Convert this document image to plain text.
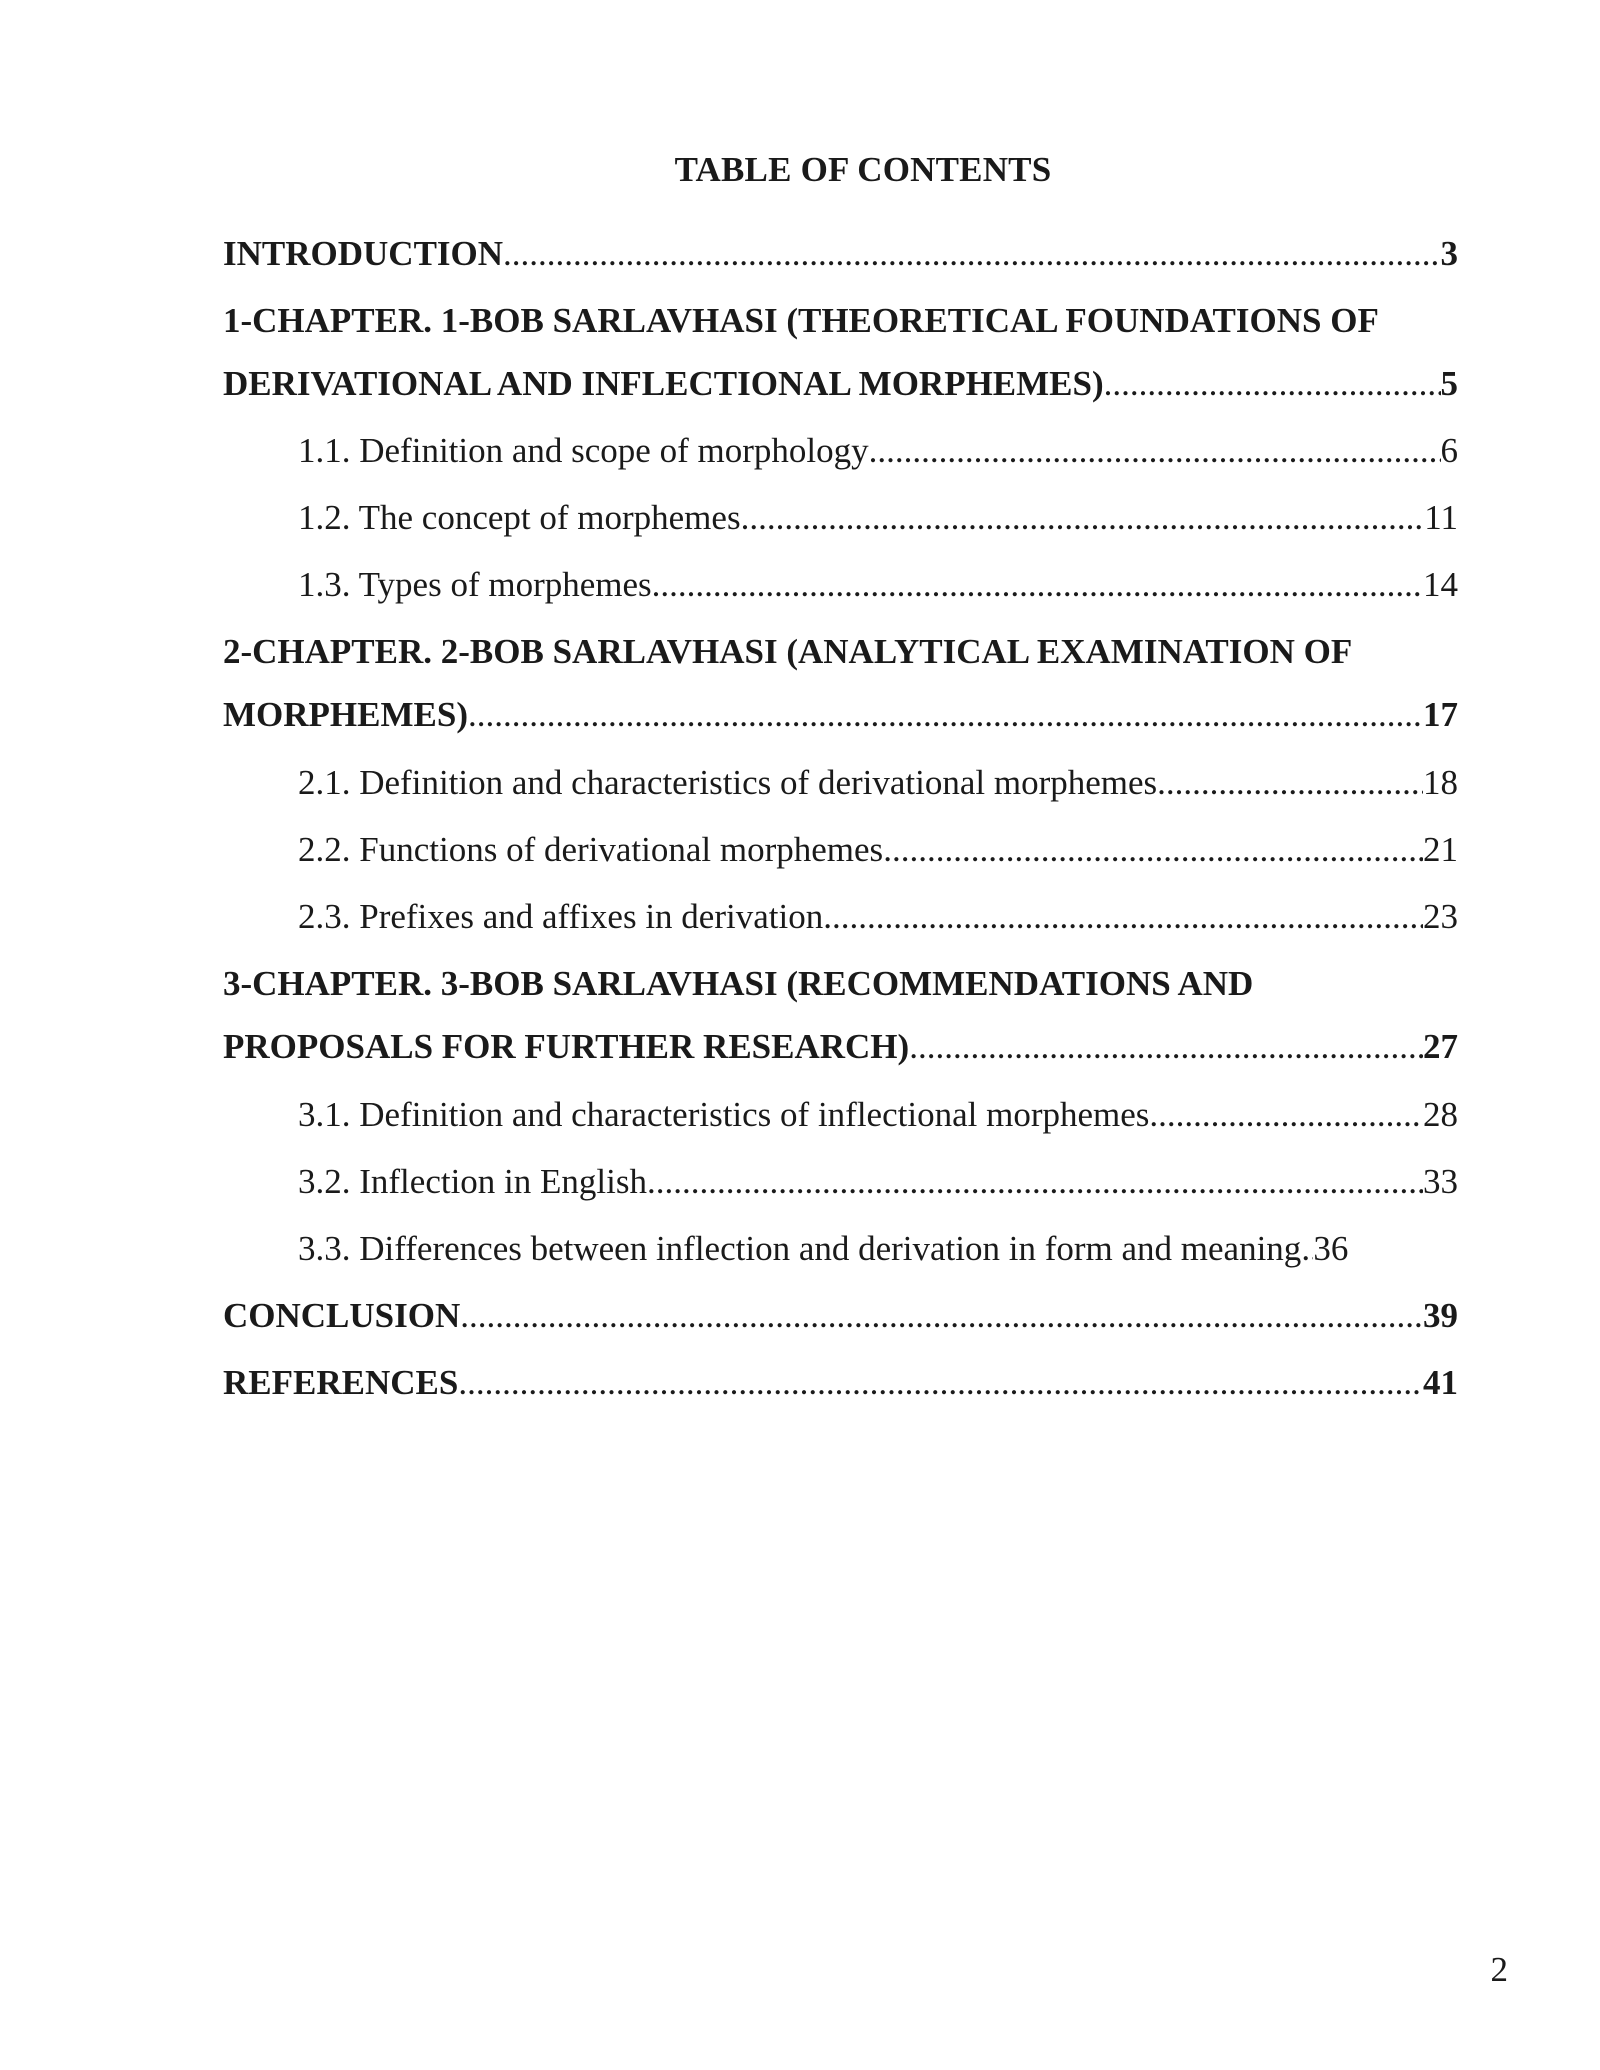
TABLE OF CONTENTS
INTRODUCTION .....	3
1-CHAPTER. 1-BOB SARLAVHASI (THEORETICAL FOUNDATIONS OF
DERIVATIONAL AND INFLECTIONAL MORPHEMES) .....	5
1.1. Definition and scope of morphology .....	6
1.2. The concept of morphemes .....	11
1.3. Types of morphemes .....	14
2-CHAPTER. 2-BOB SARLAVHASI (ANALYTICAL EXAMINATION OF
MORPHEMES) .....	17
2.1. Definition and characteristics of derivational morphemes .....	18
2.2. Functions of derivational morphemes .....	21
2.3. Prefixes and affixes in derivation .....	23
3-CHAPTER. 3-BOB SARLAVHASI (RECOMMENDATIONS AND
PROPOSALS FOR FURTHER RESEARCH) .....	27
3.1. Definition and characteristics of inflectional morphemes .....	28
3.2. Inflection in English .....	33
3.3. Differences between inflection and derivation in form and meaning ..... 36
CONCLUSION .....	39
REFERENCES .....	41
2
